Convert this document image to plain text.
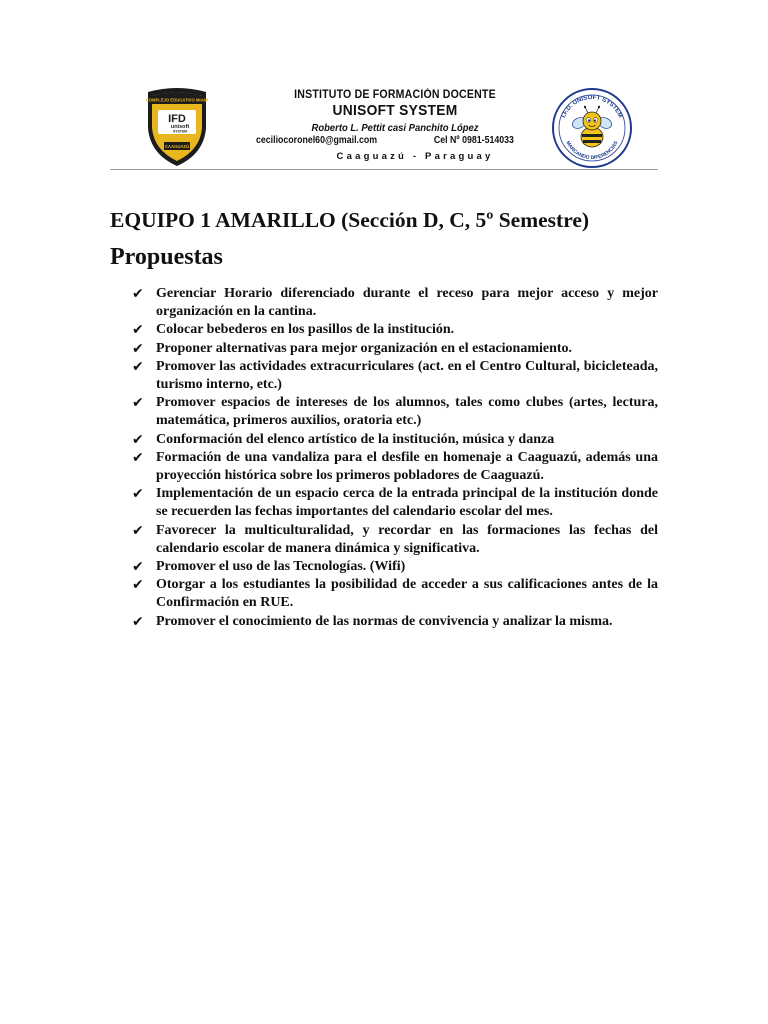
COMPLEJO EDUCATIVO MIAMI
IFD
unisoft
SYSTEM
CAAGUAZÚ
INSTITUTO DE FORMACIÓN DOCENTE
UNISOFT SYSTEM
Roberto L. Pettit casi Panchito López
ceciliocoronel60@gmail.com	Cel Nº 0981-514033
Caaguazú - Paraguay
I.F.D. UNISOFT SYSTEM
MARCANDO DIFERENCIAS
EQUIPO 1 AMARILLO (Sección D, C, 5º Semestre)
Propuestas
✔ Gerenciar Horario diferenciado durante el receso para mejor acceso y mejor organización en la cantina.
✔ Colocar bebederos en los pasillos de la institución.
✔ Proponer alternativas para mejor organización en el estacionamiento.
✔ Promover las actividades extracurriculares (act. en el Centro Cultural, bicicleteada, turismo interno, etc.)
✔ Promover espacios de intereses de los alumnos, tales como clubes (artes, lectura, matemática, primeros auxilios, oratoria etc.)
✔ Conformación del elenco artístico de la institución, música y danza
✔ Formación de una vandaliza para el desfile en homenaje a Caaguazú, además una proyección histórica sobre los primeros pobladores de Caaguazú.
✔ Implementación de un espacio cerca de la entrada principal de la institución donde se recuerden las fechas importantes del calendario escolar del mes.
✔ Favorecer la multiculturalidad, y recordar en las formaciones las fechas del calendario escolar de manera dinámica y significativa.
✔ Promover el uso de las Tecnologías. (Wifi)
✔ Otorgar a los estudiantes la posibilidad de acceder a sus calificaciones antes de la Confirmación en RUE.
✔ Promover el conocimiento de las normas de convivencia y analizar la misma.
